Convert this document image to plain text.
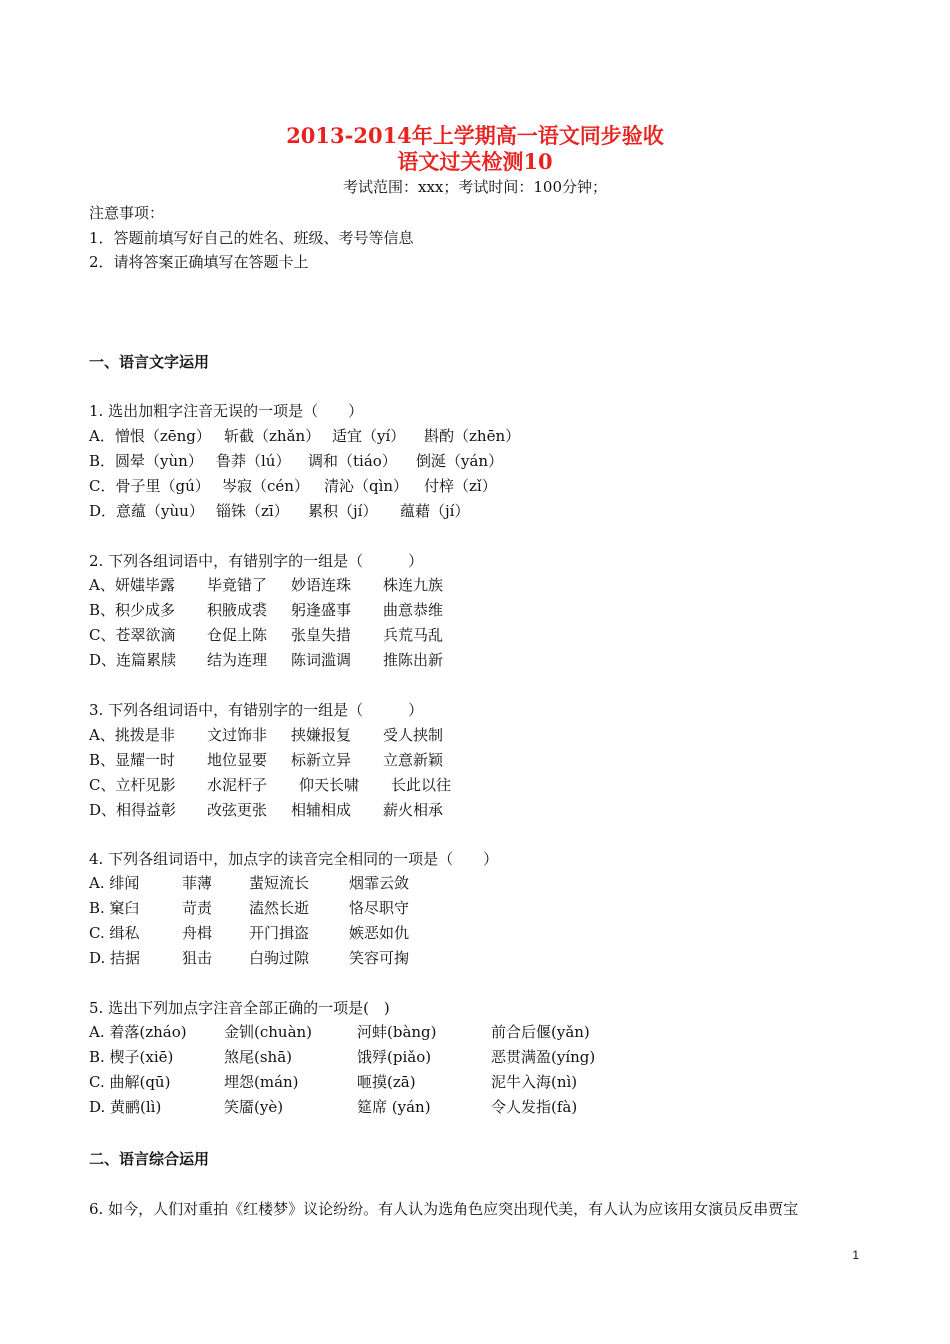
2013-2014年上学期高一语文同步验收
语文过关检测10
考试范围：xxx；考试时间：100分钟；
注意事项：
1．答题前填写好自己的姓名、班级、考号等信息
2．请将答案正确填写在答题卡上
一、语言文字运用
1. 选出加粗字注音无误的一项是（　　）
A．憎恨（zēng） 斩截（zhǎn） 适宜（yí） 斟酌（zhēn）
B．圆晕（yùn） 鲁莽（lú） 调和（tiáo） 倒涎（yán）
C．骨子里（gú） 岑寂（cén） 清沁（qìn） 付梓（zǐ）
D．意蕴（yùu） 锱铢（zī） 累积（jí） 蕴藉（jí）
2. 下列各组词语中，有错别字的一组是（　　　）
A、妍媸毕露 毕竟错了 妙语连珠 株连九族
B、积少成多 积腋成裘 躬逢盛事 曲意恭维
C、苍翠欲滴 仓促上陈 张皇失措 兵荒马乱
D、连篇累牍 结为连理 陈词滥调 推陈出新
3. 下列各组词语中，有错别字的一组是（　　　）
A、挑拨是非 文过饰非 挟嫌报复 受人挟制
B、显耀一时 地位显要 标新立异 立意新颖
C、立杆见影 水泥杆子 仰天长啸 长此以往
D、相得益彰 改弦更张 相辅相成 薪火相承
4. 下列各组词语中，加点字的读音完全相同的一项是（　　）
A. 绯闻	菲薄 蜚短流长	烟霏云敛
B. 窠臼	苛责 溘然长逝	恪尽职守
C. 缉私	舟楫 开门揖盗	嫉恶如仇
D. 拮据	狙击 白驹过隙	笑容可掬
5. 选出下列加点字注音全部正确的一项是(　)
A. 着落(zháo) 金钏(chuàn)	河蚌(bàng)	前合后偃(yǎn)
B. 楔子(xiē)	煞尾(shā)	饿殍(piǎo)	恶贯满盈(yíng)
C. 曲解(qū)	埋怨(mán)	咂摸(zā)	泥牛入海(nì)
D. 黄鹂(lì)	笑靥(yè)	筵席 (yán)	令人发指(fà)
二、语言综合运用
6. 如今，人们对重拍《红楼梦》议论纷纷。有人认为选角色应突出现代美，有人认为应该用女演员反串贾宝
1
